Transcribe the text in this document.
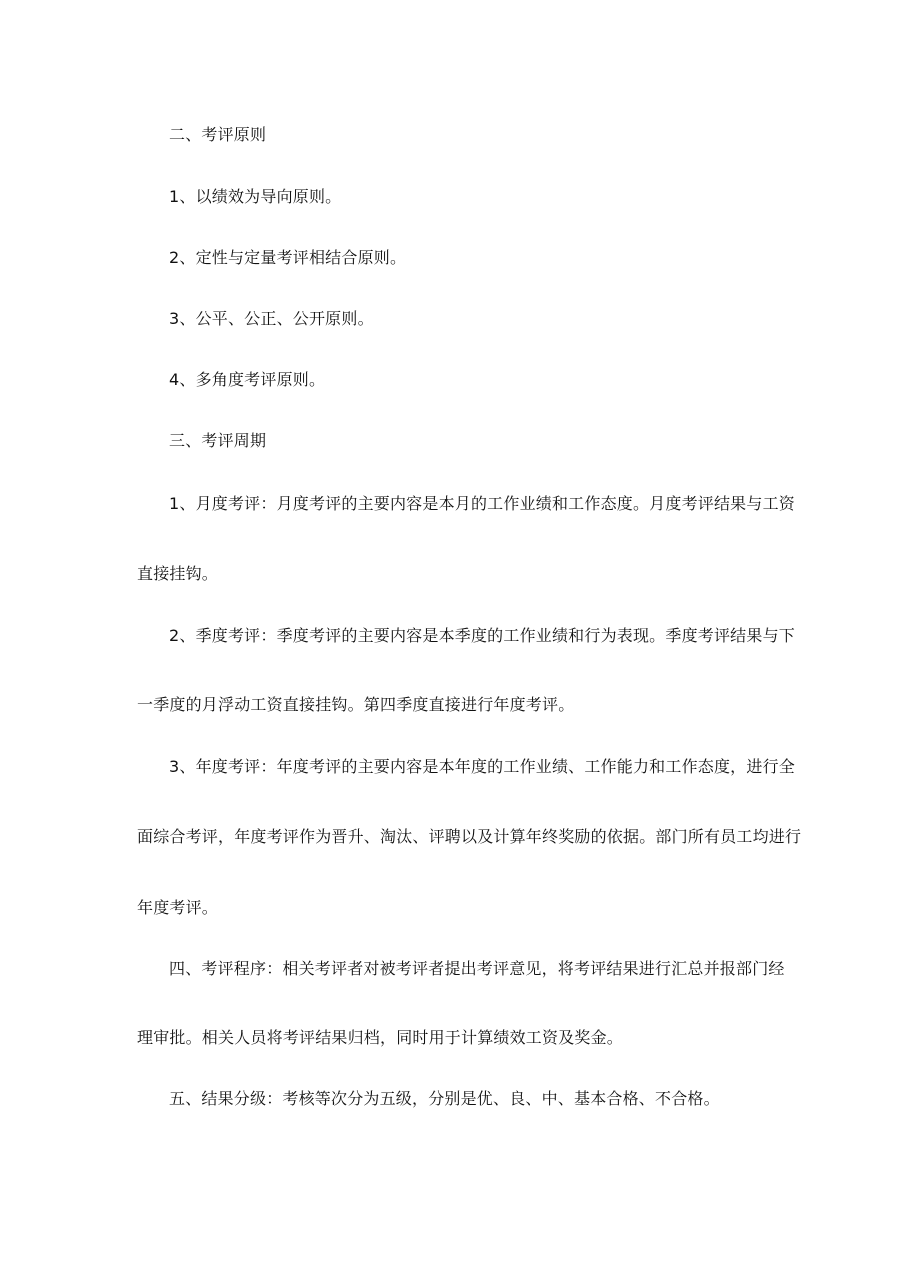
二、考评原则
1、以绩效为导向原则。
2、定性与定量考评相结合原则。
3、公平、公正、公开原则。
4、多角度考评原则。
三、考评周期
1、月度考评：月度考评的主要内容是本月的工作业绩和工作态度。月度考评结果与工资
直接挂钩。
2、季度考评：季度考评的主要内容是本季度的工作业绩和行为表现。季度考评结果与下
一季度的月浮动工资直接挂钩。第四季度直接进行年度考评。
3、年度考评：年度考评的主要内容是本年度的工作业绩、工作能力和工作态度，进行全
面综合考评，年度考评作为晋升、淘汰、评聘以及计算年终奖励的依据。部门所有员工均进行
年度考评。
四、考评程序：相关考评者对被考评者提出考评意见，将考评结果进行汇总并报部门经
理审批。相关人员将考评结果归档，同时用于计算绩效工资及奖金。
五、结果分级：考核等次分为五级，分别是优、良、中、基本合格、不合格。
